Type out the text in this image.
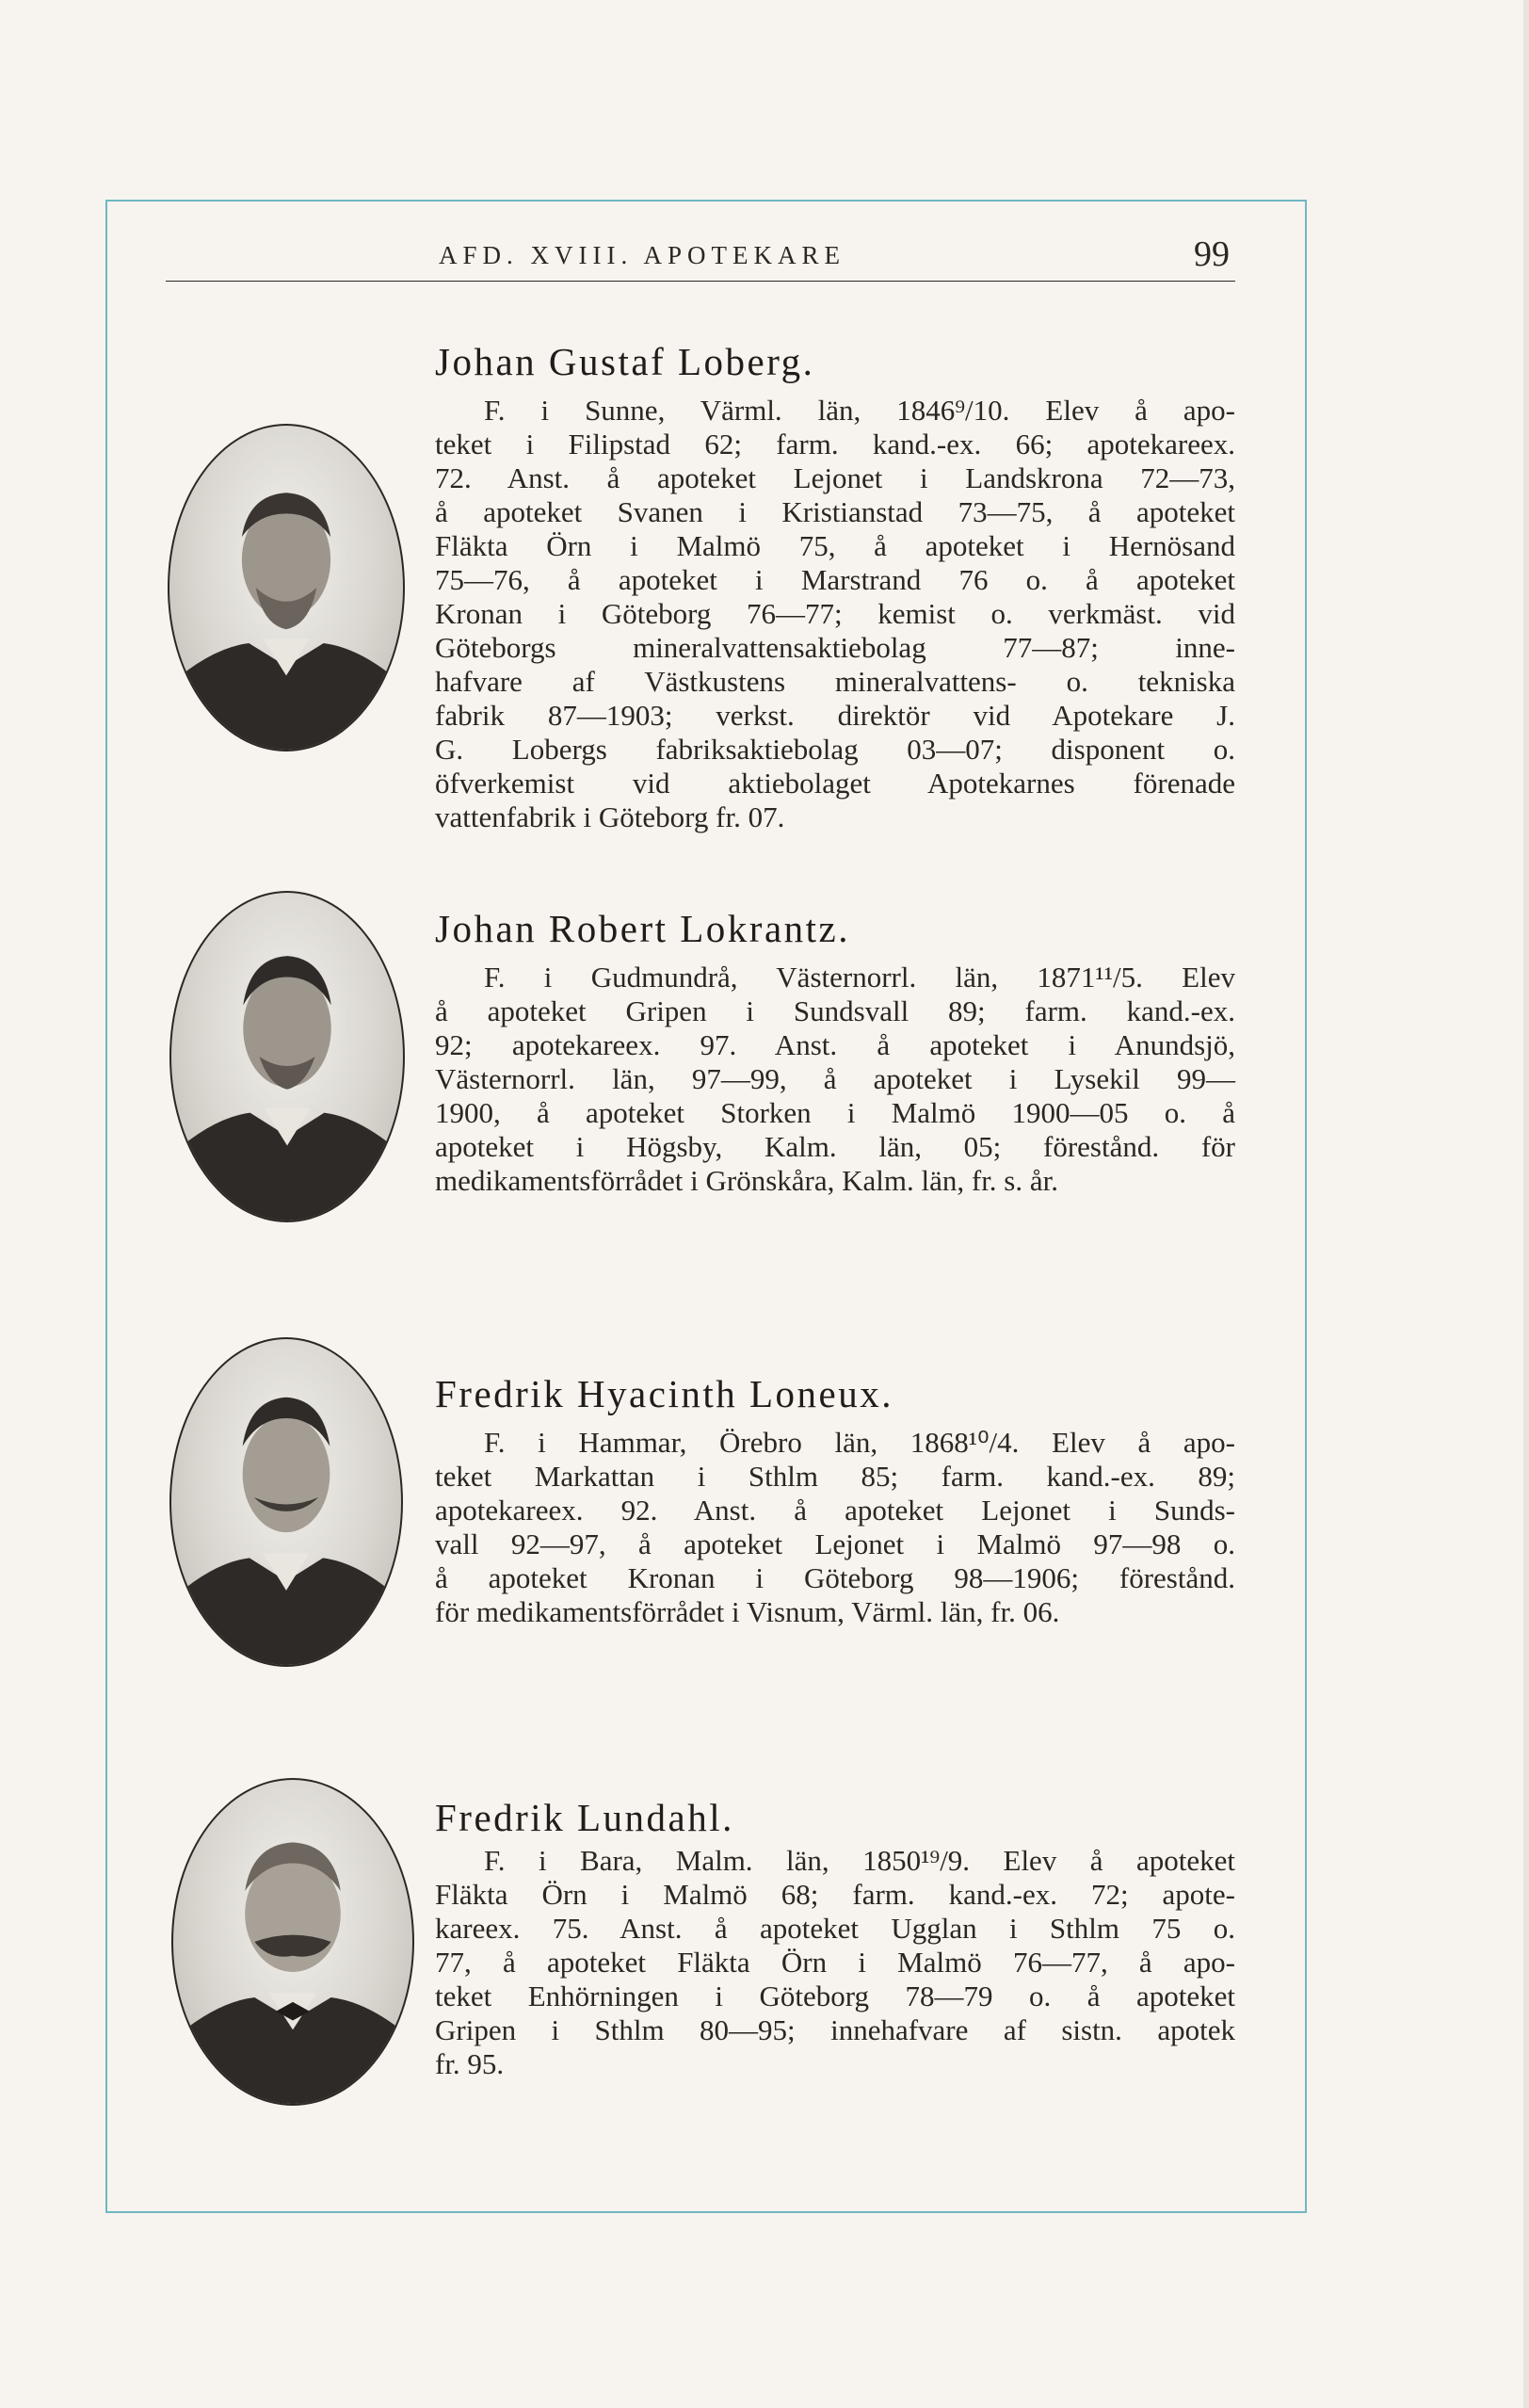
AFD. XVIII. APOTEKARE	99
Johan Gustaf Loberg.
F. i Sunne, Värml. län, 1846⁹/10. Elev å apo-
teket i Filipstad 62; farm. kand.-ex. 66; apotekareex.
72. Anst. å apoteket Lejonet i Landskrona 72—73,
å apoteket Svanen i Kristianstad 73—75, å apoteket
Fläkta Örn i Malmö 75, å apoteket i Hernösand
75—76, å apoteket i Marstrand 76 o. å apoteket
Kronan i Göteborg 76—77; kemist o. verkmäst. vid
Göteborgs mineralvattensaktiebolag 77—87; inne-
hafvare af Västkustens mineralvattens- o. tekniska
fabrik 87—1903; verkst. direktör vid Apotekare J.
G. Lobergs fabriksaktiebolag 03—07; disponent o.
öfverkemist vid aktiebolaget Apotekarnes förenade
vattenfabrik i Göteborg fr. 07.
Johan Robert Lokrantz.
F. i Gudmundrå, Västernorrl. län, 1871¹¹/5. Elev
å apoteket Gripen i Sundsvall 89; farm. kand.-ex.
92; apotekareex. 97. Anst. å apoteket i Anundsjö,
Västernorrl. län, 97—99, å apoteket i Lysekil 99—
1900, å apoteket Storken i Malmö 1900—05 o. å
apoteket i Högsby, Kalm. län, 05; förestånd. för
medikamentsförrådet i Grönskåra, Kalm. län, fr. s. år.
Fredrik Hyacinth Loneux.
F. i Hammar, Örebro län, 1868¹⁰/4. Elev å apo-
teket Markattan i Sthlm 85; farm. kand.-ex. 89;
apotekareex. 92. Anst. å apoteket Lejonet i Sunds-
vall 92—97, å apoteket Lejonet i Malmö 97—98 o.
å apoteket Kronan i Göteborg 98—1906; förestånd.
för medikamentsförrådet i Visnum, Värml. län, fr. 06.
Fredrik Lundahl.
F. i Bara, Malm. län, 1850¹⁹/9. Elev å apoteket
Fläkta Örn i Malmö 68; farm. kand.-ex. 72; apote-
kareex. 75. Anst. å apoteket Ugglan i Sthlm 75 o.
77, å apoteket Fläkta Örn i Malmö 76—77, å apo-
teket Enhörningen i Göteborg 78—79 o. å apoteket
Gripen i Sthlm 80—95; innehafvare af sistn. apotek
fr. 95.
